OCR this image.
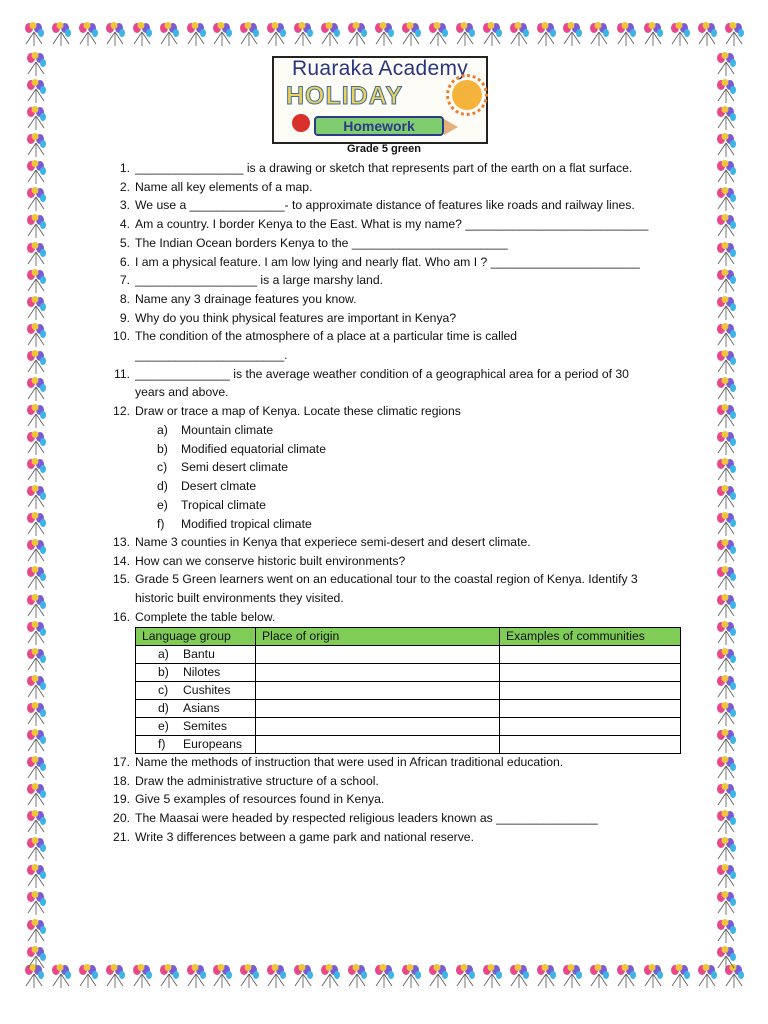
Ruaraka Academy
HOLIDAY
Homework
Grade 5 green
1. ________________ is a drawing or sketch that represents part of the earth on a flat surface.
2. Name all key elements of a map.
3. We use a ______________- to approximate distance of features like roads and railway lines.
4. Am a country. I border Kenya to the East. What is my name? ___________________________
5. The Indian Ocean borders Kenya to the _______________________
6. I am a physical feature. I am low lying and nearly flat. Who am I ? ______________________
7. __________________ is a large marshy land.
8. Name any 3 drainage features you know.
9. Why do you think physical features are important in Kenya?
10. The condition of the atmosphere of a place at a particular time is called
______________________.
11. ______________ is the average weather condition of a geographical area for a period of 30
years and above.
12. Draw or trace a map of Kenya. Locate these climatic regions
a) Mountain climate
b) Modified equatorial climate
c) Semi desert climate
d) Desert clmate
e) Tropical climate
f) Modified tropical climate
13. Name 3 counties in Kenya that experiece semi-desert and desert climate.
14. How can we conserve historic built environments?
15. Grade 5 Green learners went on an educational tour to the coastal region of Kenya. Identify 3
historic built environments they visited.
16. Complete the table below.
Language group	Place of origin	Examples of communities
a) Bantu		
b) Nilotes		
c) Cushites		
d) Asians		
e) Semites		
f) Europeans		
17. Name the methods of instruction that were used in African traditional education.
18. Draw the administrative structure of a school.
19. Give 5 examples of resources found in Kenya.
20. The Maasai were headed by respected religious leaders known as _______________
21. Write 3 differences between a game park and national reserve.
